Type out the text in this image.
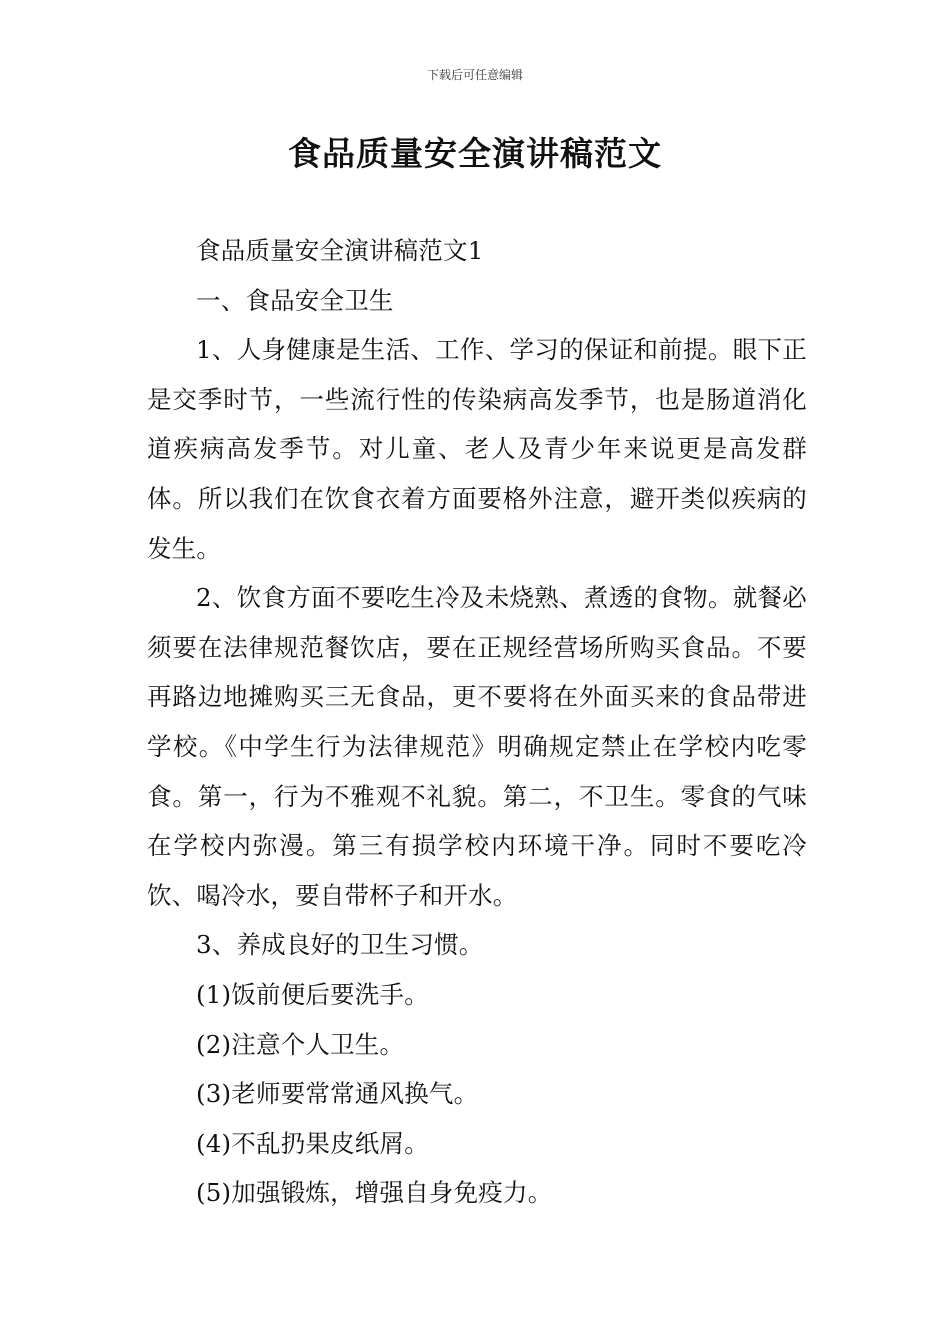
下载后可任意编辑
食品质量安全演讲稿范文

食品质量安全演讲稿范文1

一、食品安全卫生

1、人身健康是生活、工作、学习的保证和前提。眼下正是交季时节，一些流行性的传染病高发季节，也是肠道消化道疾病高发季节。对儿童、老人及青少年来说更是高发群体。所以我们在饮食衣着方面要格外注意，避开类似疾病的发生。

2、饮食方面不要吃生冷及未烧熟、煮透的食物。就餐必须要在法律规范餐饮店，要在正规经营场所购买食品。不要再路边地摊购买三无食品，更不要将在外面买来的食品带进学校。《中学生行为法律规范》明确规定禁止在学校内吃零食。第一，行为不雅观不礼貌。第二，不卫生。零食的气味在学校内弥漫。第三有损学校内环境干净。同时不要吃冷饮、喝冷水，要自带杯子和开水。

3、养成良好的卫生习惯。

(1)饭前便后要洗手。

(2)注意个人卫生。

(3)老师要常常通风换气。

(4)不乱扔果皮纸屑。

(5)加强锻炼，增强自身免疫力。
